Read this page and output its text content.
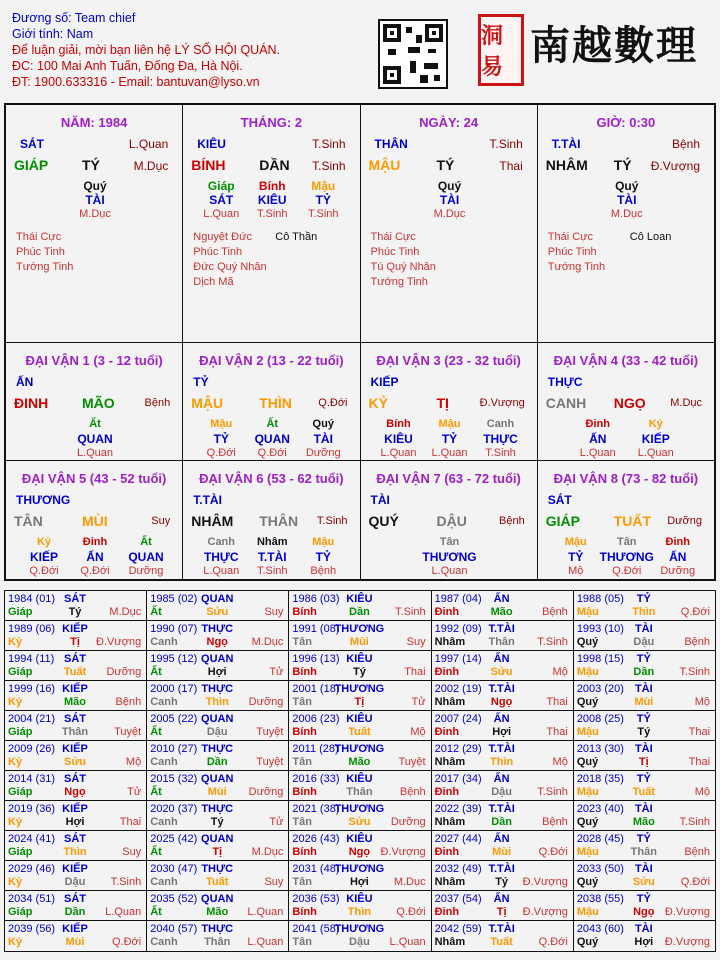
Đương số: Team chief
Giới tính: Nam
Để luận giải, mời bạn liên hệ LÝ SỐ HỘI QUÁN.
ĐC: 100 Mai Anh Tuấn, Đống Đa, Hà Nội.
ĐT: 1900.633316 - Email: bantuvan@lyso.vn
洞易 南越數理
NĂM: 1984
SÁT	L.Quan
GIÁP TÝ	M.Dục
Quý
TÀI
M.Dục
Thái Cực
Phúc Tinh
Tướng Tinh
THÁNG: 2
KIÊU	T.Sinh
BÍNH DẦN T.Sinh
Giáp
SÁT
L.Quan
Bính
KIÊU
T.Sinh
Mậu
TỶ
T.Sinh
Nguyệt Đức
Phúc Tinh
Đức Quý Nhân
Dịch Mã
Cô Thần
NGÀY: 24
THÂN	T.Sinh
MẬU	TÝ	Thai
Quý
TÀI
M.Dục
Thái Cực
Phúc Tinh
Tú Quý Nhân
Tướng Tinh
GIỜ: 0:30
T.TÀI	Bệnh
NHÂM TÝ Đ.Vượng
Quý
TÀI
M.Dục
Thái Cực
Phúc Tinh
Tướng Tinh
Cô Loan
ĐẠI VẬN 1 (3 - 12 tuổi)
ẤN
ĐINH MÃO	Bệnh
Ất
QUAN
L.Quan
ĐẠI VẬN 2 (13 - 22 tuổi)
TỶ
MẬU	THÌN Q.Đới
Mậu
TỶ
Q.Đới
Ất
QUAN
Q.Đới
Quý
TÀI
Dưỡng
ĐẠI VẬN 3 (23 - 32 tuổi)
KIẾP
KỶ	TỊ	Đ.Vượng
Bính
KIÊU
L.Quan
Mậu
TỶ
L.Quan
Canh
THỰC
T.Sinh
ĐẠI VẬN 4 (33 - 42 tuổi)
THỰC
CANH NGỌ M.Dục
Đinh
ẤN
L.Quan
Kỷ
KIẾP
L.Quan
ĐẠI VẬN 5 (43 - 52 tuổi)
THƯƠNG
TÂN	MÙI	Suy
Kỷ
KIẾP
Q.Đới
Đinh
ẤN
Q.Đới
Ất
QUAN
Dưỡng
ĐẠI VẬN 6 (53 - 62 tuổi)
T.TÀI
NHÂM THÂN T.Sinh
Canh
THỰC
L.Quan
Nhâm
T.TÀI
T.Sinh
Mậu
TỶ
Bệnh
ĐẠI VẬN 7 (63 - 72 tuổi)
TÀI
QUÝ	DẬU	Bệnh
Tân
THƯƠNG
L.Quan
ĐẠI VẬN 8 (73 - 82 tuổi)
SÁT
GIÁP TUẤT Dưỡng
Mậu
TỶ
Mộ
Tân
THƯƠNG
Q.Đới
Đinh
ẤN
Dưỡng
1984 (01) SÁT
Giáp	Tý	M.Dục
1985 (02) QUAN
Ất	Sửu	Suy
1986 (03) KIÊU
Bính	Dần T.Sinh
1987 (04) ẤN
Đinh	Mão	Bệnh
1988 (05) TỶ
Mậu	Thìn Q.Đới
1989 (06) KIẾP
Kỷ	Tị Đ.Vượng
1990 (07) THỰC
Canh	Ngọ M.Dục
1991 (08)
THƯƠNG
Tân	Mùi	Suy
1992 (09) T.TÀI
Nhâm Thân T.Sinh
1993 (10) TÀI
Quý	Dậu	Bệnh
1994 (11) SÁT
Giáp	Tuất Dưỡng
1995 (12) QUAN
Ất	Hợi	Tử
1996 (13) KIÊU
Bính	Tý	Thai
1997 (14) ẤN
Đinh	Sửu	Mộ
1998 (15) TỶ
Mậu	Dần T.Sinh
1999 (16) KIẾP
Kỷ	Mão	Bệnh
2000 (17) THỰC
Canh	Thìn Dưỡng
2001 (18)
THƯƠNG
Tân	Tị	Tử
2002 (19) T.TÀI
Nhâm Ngọ	Thai
2003 (20) TÀI
Quý	Mùi	Mộ
2004 (21) SÁT
Giáp	Thân Tuyệt
2005 (22) QUAN
Ất	Dậu	Tuyệt
2006 (23) KIÊU
Bính	Tuất	Mộ
2007 (24) ẤN
Đinh	Hợi	Thai
2008 (25) TỶ
Mậu	Tý	Thai
2009 (26) KIẾP
Kỷ	Sửu	Mộ
2010 (27) THỰC
Canh	Dần	Tuyệt
2011 (28)
THƯƠNG
Tân	Mão	Tuyệt
2012 (29) T.TÀI
Nhâm Thìn	Mộ
2013 (30) TÀI
Quý	Tị	Thai
2014 (31) SÁT
Giáp	Ngọ	Tử
2015 (32) QUAN
Ất	Mùi Dưỡng
2016 (33) KIÊU
Bính	Thân Bệnh
2017 (34) ẤN
Đinh	Dậu T.Sinh
2018 (35) TỶ
Mậu	Tuất	Mộ
2019 (36) KIẾP
Kỷ	Hợi	Thai
2020 (37) THỰC
Canh	Tý	Tử
2021 (38)
THƯƠNG
Tân	Sửu Dưỡng
2022 (39) T.TÀI
Nhâm Dần	Bệnh
2023 (40) TÀI
Quý	Mão T.Sinh
2024 (41) SÁT
Giáp	Thìn	Suy
2025 (42) QUAN
Ất	Tị	M.Dục
2026 (43) KIÊU
Bính	Ngọ Đ.Vượng
2027 (44) ẤN
Đinh	Mùi	Q.Đới
2028 (45) TỶ
Mậu	Thân Bệnh
2029 (46) KIẾP
Kỷ	Dậu T.Sinh
2030 (47) THỰC
Canh	Tuất	Suy
2031 (48)
THƯƠNG
Tân	Hợi M.Dục
2032 (49) T.TÀI
Nhâm	Tý Đ.Vượng
2033 (50) TÀI
Quý	Sửu Q.Đới
2034 (51) SÁT
Giáp	Dần L.Quan
2035 (52) QUAN
Ất	Mão L.Quan
2036 (53) KIÊU
Bính	Thìn Q.Đới
2037 (54) ẤN
Đinh	Tị Đ.Vượng
2038 (55) TỶ
Mậu	Ngọ Đ.Vượng
2039 (56) KIẾP
Kỷ	Mùi	Q.Đới
2040 (57) THỰC
Canh Thân L.Quan
2041 (58)
THƯƠNG
Tân	Dậu L.Quan
2042 (59) T.TÀI
Nhâm Tuất Q.Đới
2043 (60) TÀI
Quý	Hợi Đ.Vượng
